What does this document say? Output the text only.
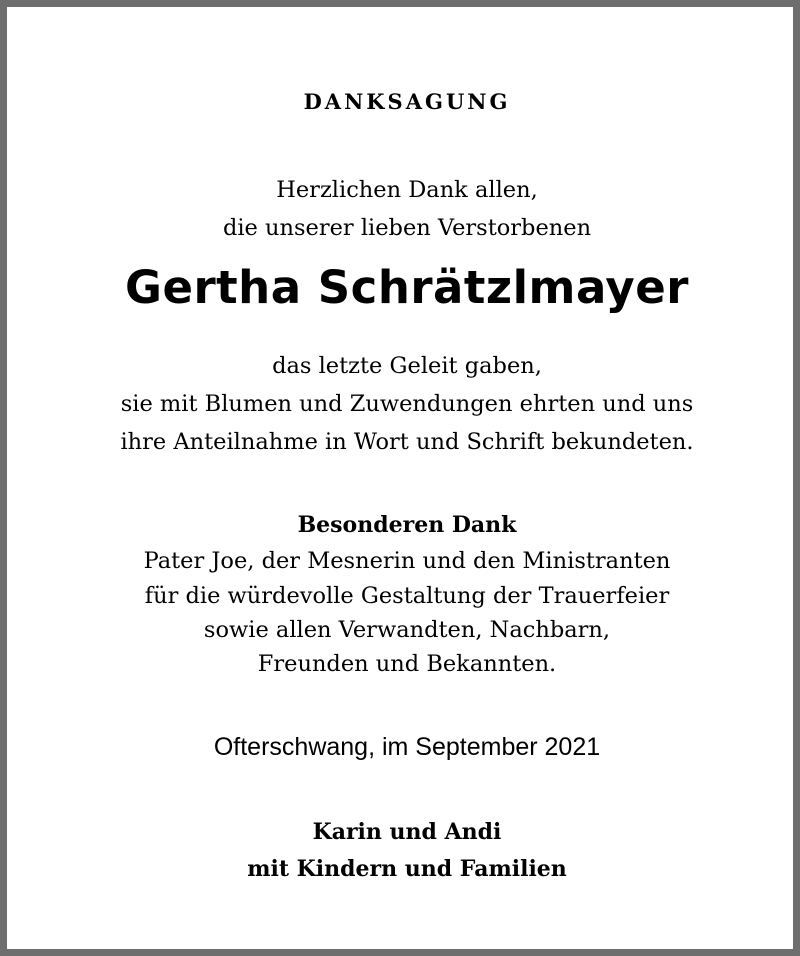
DANKSAGUNG
Herzlichen Dank allen,
die unserer lieben Verstorbenen
Gertha Schrätzlmayer
das letzte Geleit gaben,
sie mit Blumen und Zuwendungen ehrten und uns
ihre Anteilnahme in Wort und Schrift bekundeten.
Besonderen Dank
Pater Joe, der Mesnerin und den Ministranten
für die würdevolle Gestaltung der Trauerfeier
sowie allen Verwandten, Nachbarn,
Freunden und Bekannten.
Ofterschwang, im September 2021
Karin und Andi
mit Kindern und Familien
